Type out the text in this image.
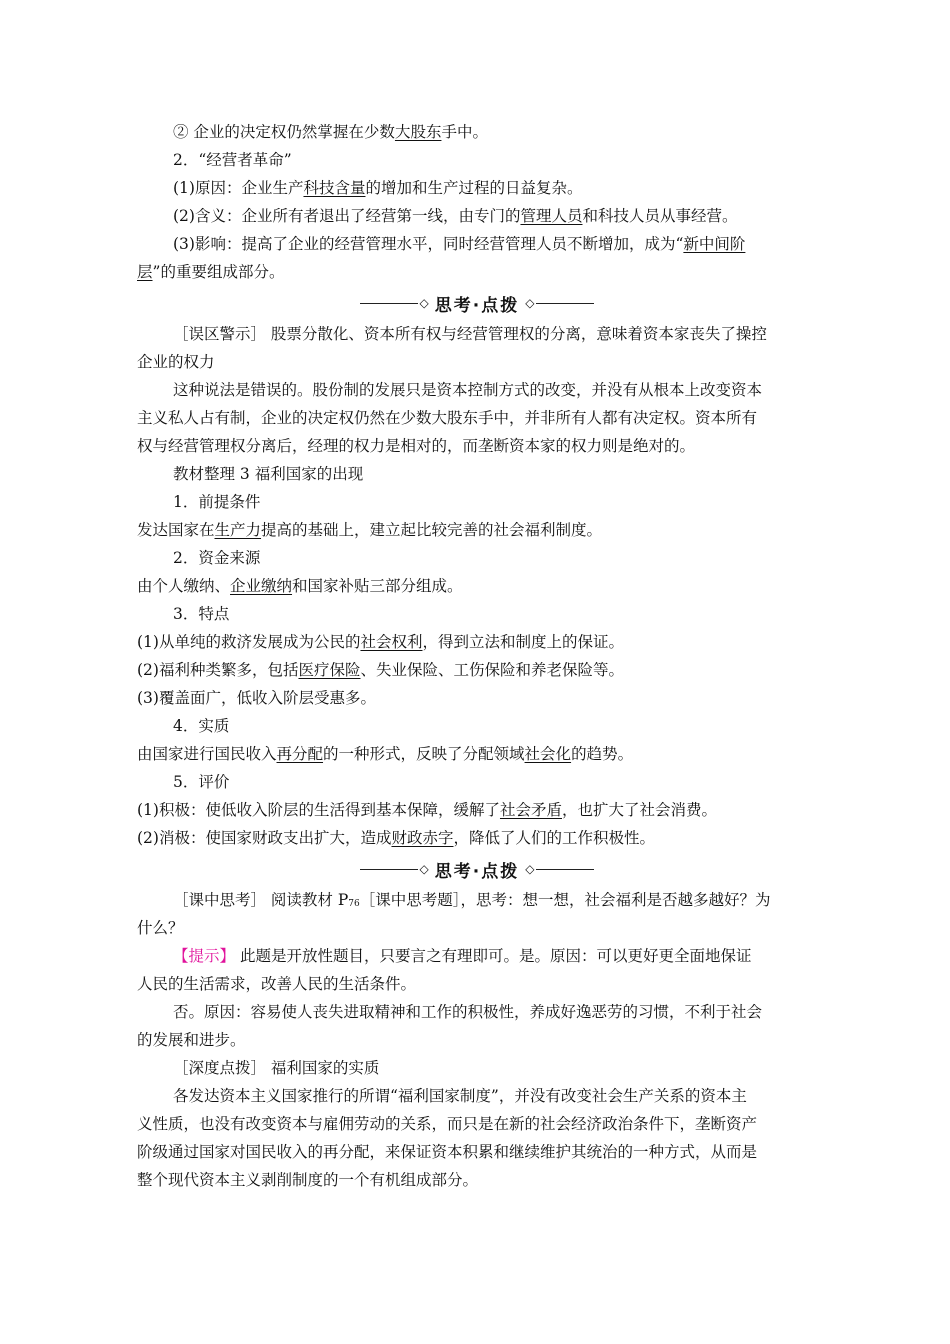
② 企业的决定权仍然掌握在少数大股东手中。
2．“经营者革命”
(1)原因：企业生产科技含量的增加和生产过程的日益复杂。
(2)含义：企业所有者退出了经营第一线，由专门的管理人员和科技人员从事经营。
(3)影响：提高了企业的经营管理水平，同时经营管理人员不断增加，成为“新中间阶
层”的重要组成部分。
◇ 思考·点拨 ◇
［误区警示］ 股票分散化、资本所有权与经营管理权的分离，意味着资本家丧失了操控
企业的权力
这种说法是错误的。股份制的发展只是资本控制方式的改变，并没有从根本上改变资本
主义私人占有制，企业的决定权仍然在少数大股东手中，并非所有人都有决定权。资本所有
权与经营管理权分离后，经理的权力是相对的，而垄断资本家的权力则是绝对的。
教材整理 3 福利国家的出现
1．前提条件
发达国家在生产力提高的基础上，建立起比较完善的社会福利制度。
2．资金来源
由个人缴纳、企业缴纳和国家补贴三部分组成。
3．特点
(1)从单纯的救济发展成为公民的社会权利，得到立法和制度上的保证。
(2)福利种类繁多，包括医疗保险、失业保险、工伤保险和养老保险等。
(3)覆盖面广，低收入阶层受惠多。
4．实质
由国家进行国民收入再分配的一种形式，反映了分配领域社会化的趋势。
5．评价
(1)积极：使低收入阶层的生活得到基本保障，缓解了社会矛盾，也扩大了社会消费。
(2)消极：使国家财政支出扩大，造成财政赤字，降低了人们的工作积极性。
◇ 思考·点拨 ◇
［课中思考］ 阅读教材 P76［课中思考题］，思考：想一想，社会福利是否越多越好？为
什么？
【提示】 此题是开放性题目，只要言之有理即可。是。原因：可以更好更全面地保证
人民的生活需求，改善人民的生活条件。
否。原因：容易使人丧失进取精神和工作的积极性，养成好逸恶劳的习惯，不利于社会
的发展和进步。
［深度点拨］ 福利国家的实质
各发达资本主义国家推行的所谓“福利国家制度”，并没有改变社会生产关系的资本主
义性质，也没有改变资本与雇佣劳动的关系，而只是在新的社会经济政治条件下，垄断资产
阶级通过国家对国民收入的再分配，来保证资本积累和继续维护其统治的一种方式，从而是
整个现代资本主义剥削制度的一个有机组成部分。
